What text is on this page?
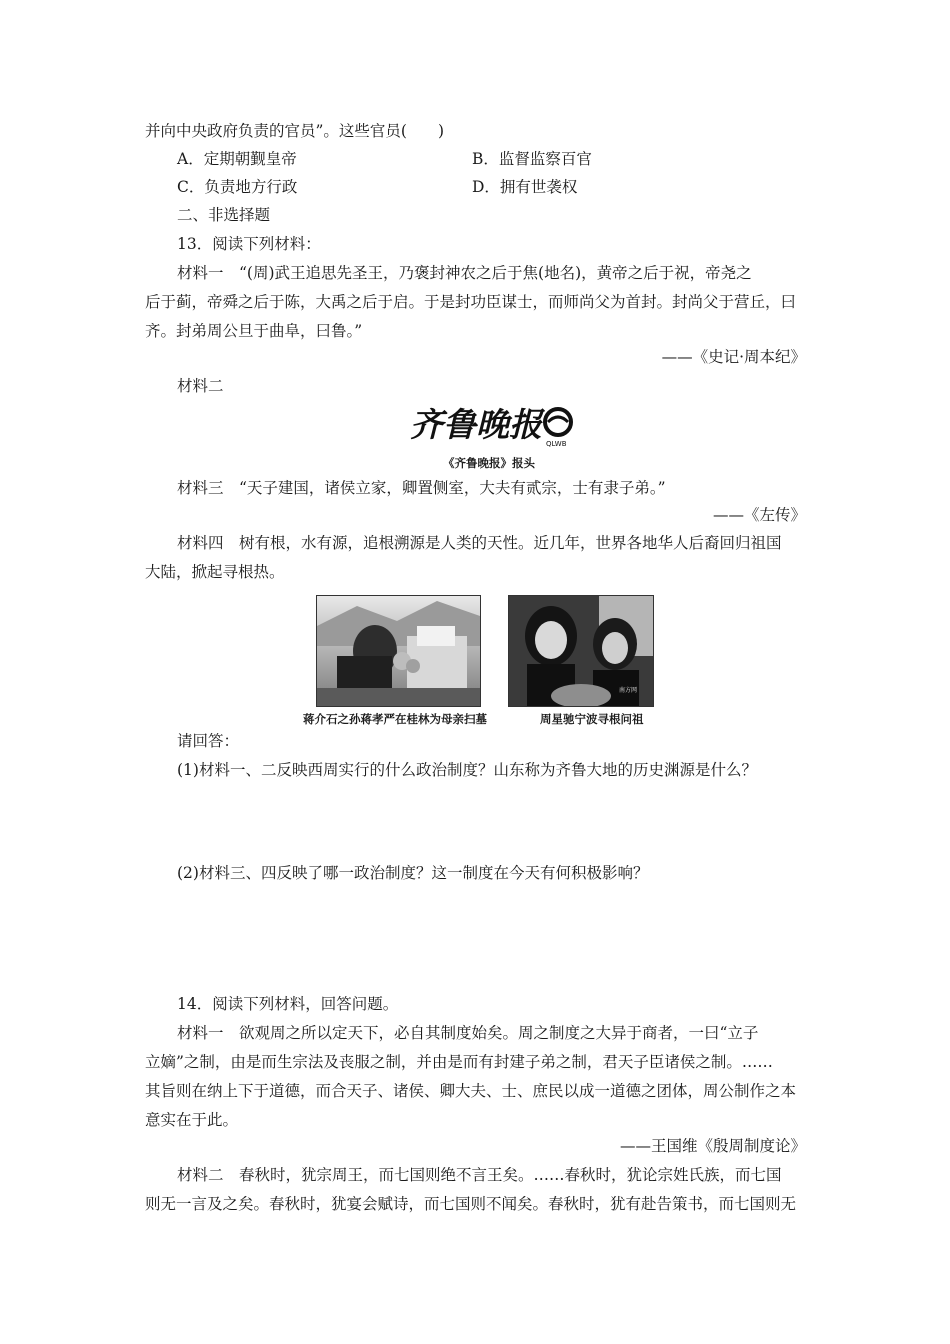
并向中央政府负责的官员”。这些官员(　　)
A．定期朝觐皇帝	B．监督监察百官
C．负责地方行政	D．拥有世袭权
二、非选择题
13．阅读下列材料：
材料一　“(周)武王追思先圣王，乃褒封神农之后于焦(地名)，黄帝之后于祝，帝尧之
后于蓟，帝舜之后于陈，大禹之后于启。于是封功臣谋士，而师尚父为首封。封尚父于营丘，曰
齐。封弟周公旦于曲阜，曰鲁。”
——《史记·周本纪》
材料二
齐鲁晚报 QLWB
《齐鲁晚报》报头
材料三　“天子建国，诸侯立家，卿置侧室，大夫有贰宗，士有隶子弟。”
——《左传》
材料四　树有根，水有源，追根溯源是人类的天性。近几年，世界各地华人后裔回归祖国
大陆，掀起寻根热。
南方网
蒋介石之孙蒋孝严在桂林为母亲扫墓	周星驰宁波寻根问祖
请回答：
(1)材料一、二反映西周实行的什么政治制度？山东称为齐鲁大地的历史渊源是什么？
(2)材料三、四反映了哪一政治制度？这一制度在今天有何积极影响？
14．阅读下列材料，回答问题。
材料一　欲观周之所以定天下，必自其制度始矣。周之制度之大异于商者，一曰“立子
立嫡”之制，由是而生宗法及丧服之制，并由是而有封建子弟之制，君天子臣诸侯之制。……
其旨则在纳上下于道德，而合天子、诸侯、卿大夫、士、庶民以成一道德之团体，周公制作之本
意实在于此。
——王国维《殷周制度论》
材料二　春秋时，犹宗周王，而七国则绝不言王矣。……春秋时，犹论宗姓氏族，而七国
则无一言及之矣。春秋时，犹宴会赋诗，而七国则不闻矣。春秋时，犹有赴告策书，而七国则无
